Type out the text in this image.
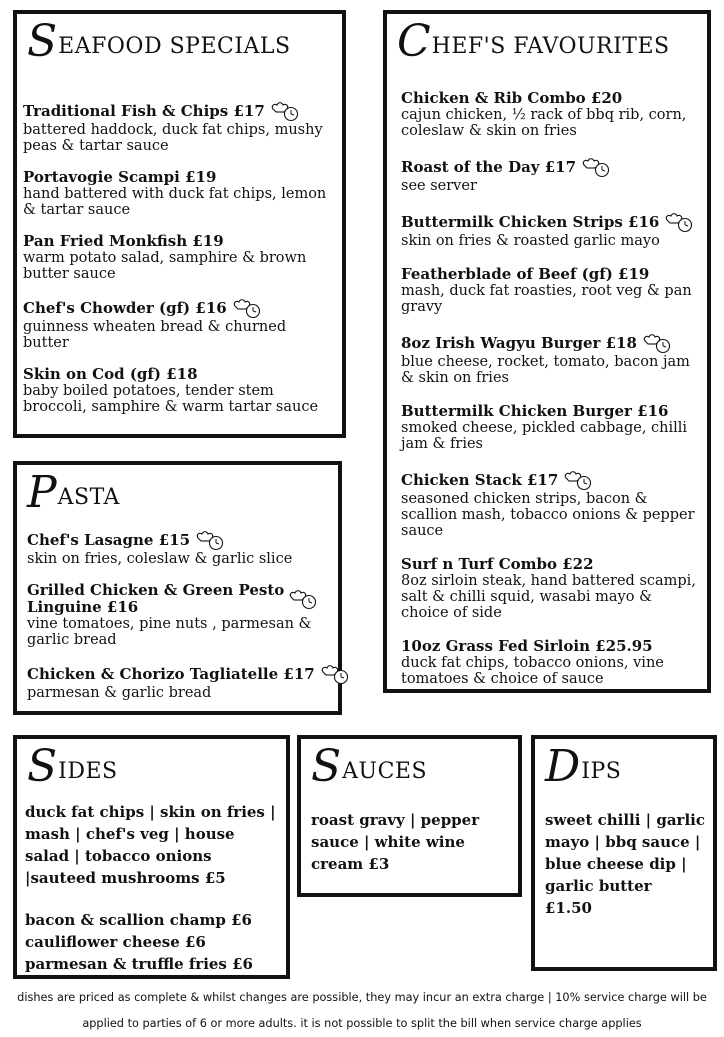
S EAFOOD SPECIALS
Traditional Fish & Chips £17
battered haddock, duck fat chips, mushy peas & tartar sauce
Portavogie Scampi £19
hand battered with duck fat chips, lemon & tartar sauce
Pan Fried Monkfish £19
warm potato salad, samphire & brown butter sauce
Chef's Chowder (gf) £16
guinness wheaten bread & churned butter
Skin on Cod (gf) £18
baby boiled potatoes, tender stem broccoli, samphire & warm tartar sauce
P ASTA
Chef's Lasagne £15
skin on fries, coleslaw & garlic slice
Grilled Chicken & Green Pesto
Linguine £16
vine tomatoes, pine nuts , parmesan & garlic bread
Chicken & Chorizo Tagliatelle £17
parmesan & garlic bread
C HEF'S FAVOURITES
Chicken & Rib Combo £20
cajun chicken, ½ rack of bbq rib, corn, coleslaw & skin on fries
Roast of the Day £17
see server
Buttermilk Chicken Strips £16
skin on fries & roasted garlic mayo
Featherblade of Beef (gf) £19
mash, duck fat roasties, root veg & pan gravy
8oz Irish Wagyu Burger £18
blue cheese, rocket, tomato, bacon jam & skin on fries
Buttermilk Chicken Burger £16
smoked cheese, pickled cabbage, chilli jam & fries
Chicken Stack £17
seasoned chicken strips, bacon & scallion mash, tobacco onions & pepper sauce
Surf n Turf Combo £22
8oz sirloin steak, hand battered scampi, salt & chilli squid, wasabi mayo & choice of side
10oz Grass Fed Sirloin £25.95
duck fat chips, tobacco onions, vine tomatoes & choice of sauce
S IDES
duck fat chips | skin on fries | mash | chef's veg | house salad | tobacco onions |sauteed mushrooms £5
bacon & scallion champ £6
cauliflower cheese £6
parmesan & truffle fries £6
S AUCES
roast gravy | pepper sauce | white wine cream £3
D IPS
sweet chilli | garlic mayo | bbq sauce | blue cheese dip | garlic butter
£1.50
dishes are priced as complete & whilst changes are possible, they may incur an extra charge | 10% service charge will be
applied to parties of 6 or more adults. it is not possible to split the bill when service charge applies
